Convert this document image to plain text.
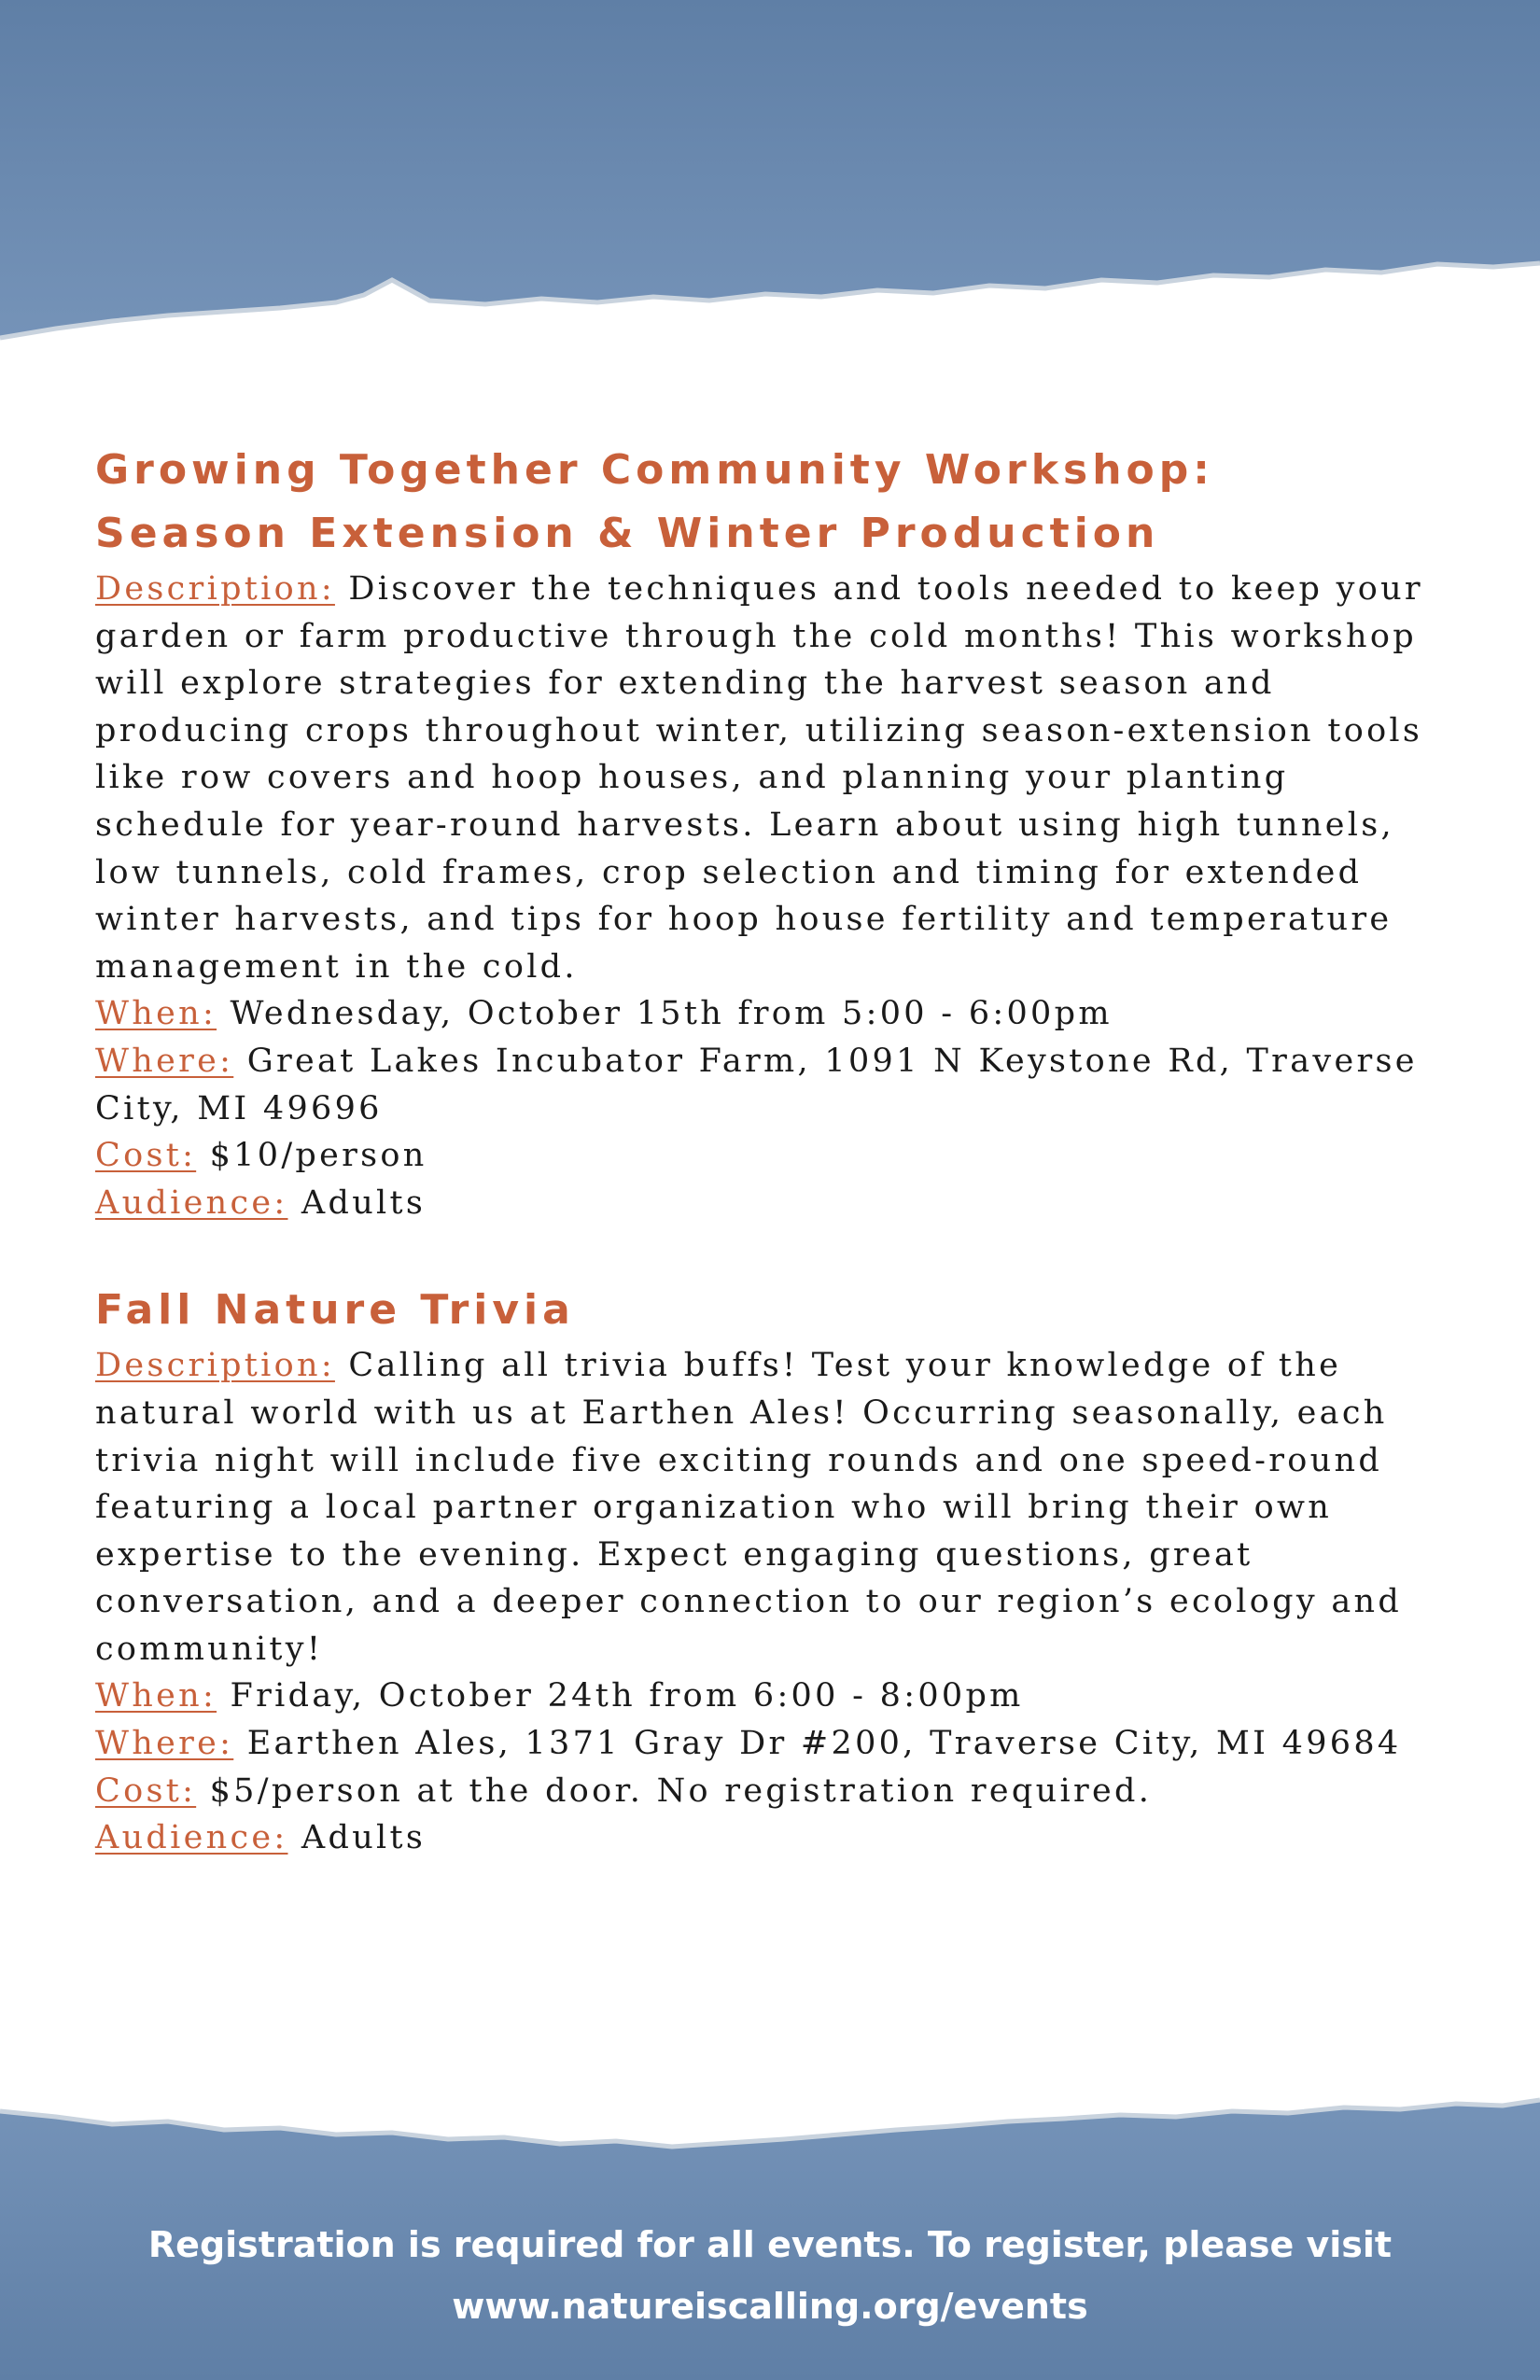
Growing Together Community Workshop:
Season Extension & Winter Production

Description: Discover the techniques and tools needed to keep your garden or farm productive through the cold months! This workshop will explore strategies for extending the harvest season and producing crops throughout winter, utilizing season-extension tools like row covers and hoop houses, and planning your planting schedule for year-round harvests. Learn about using high tunnels, low tunnels, cold frames, crop selection and timing for extended winter harvests, and tips for hoop house fertility and temperature management in the cold.

When: Wednesday, October 15th from 5:00 - 6:00pm

Where: Great Lakes Incubator Farm, 1091 N Keystone Rd, Traverse City, MI 49696

Cost: $10/person

Audience: Adults

Fall Nature Trivia

Description: Calling all trivia buffs! Test your knowledge of the natural world with us at Earthen Ales! Occurring seasonally, each trivia night will include five exciting rounds and one speed-round featuring a local partner organization who will bring their own expertise to the evening. Expect engaging questions, great conversation, and a deeper connection to our region’s ecology and community!

When: Friday, October 24th from 6:00 - 8:00pm

Where: Earthen Ales, 1371 Gray Dr #200, Traverse City, MI 49684

Cost: $5/person at the door. No registration required.

Audience: Adults

Registration is required for all events. To register, please visit
www.natureiscalling.org/events
